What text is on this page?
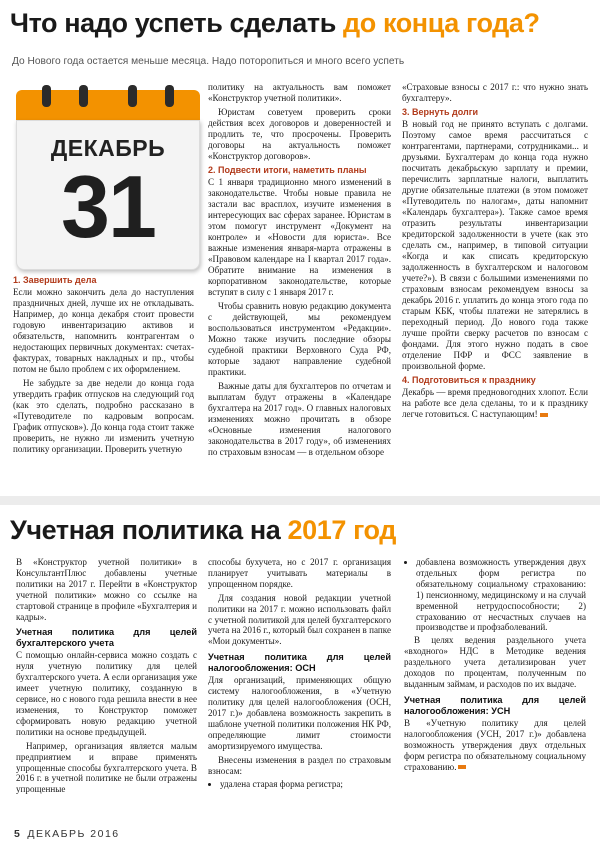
Что надо успеть сделать до конца года?
До Нового года остается меньше месяца. Надо поторопиться и много всего успеть
ДЕКАБРЬ
31
1. Завершить дела

Если можно закончить дела до наступления праздничных дней, лучше их не откладывать. Например, до конца декабря стоит провести годовую инвентаризацию активов и обязательств, напомнить контрагентам о недостающих первичных документах: счетах-фактурах, товарных накладных и пр., чтобы потом не было проблем с их оформлением.

Не забудьте за две недели до конца года утвердить график отпусков на следующий год (как это сделать, подробно рассказано в «Путеводителе по кадровым вопросам. График отпусков»). До конца года стоит также проверить, не нужно ли изменить учетную политику организации. Проверить учетную

политику на актуальность вам поможет «Конструктор учетной политики».

Юристам советуем проверить сроки действия всех договоров и доверенностей и продлить те, что просрочены. Проверить договоры на актуальность поможет «Конструктор договоров».

2. Подвести итоги, наметить планы

С 1 января традиционно много изменений в законодательстве. Чтобы новые правила не застали вас врасплох, изучите изменения в интересующих вас сферах заранее. Юристам в этом помогут инструмент «Документ на контроле» и «Новости для юриста». Все важные изменения января-марта отражены в «Правовом календаре на I квартал 2017 года». Обратите внимание на изменения в корпоративном законодательстве, которые вступят в силу с 1 января 2017 г.

Чтобы сравнить новую редакцию документа с действующей, мы рекомендуем воспользоваться инструментом «Редакции». Можно также изучить последние обзоры судебной практики Верховного Суда РФ, которые задают направление судебной практики.

Важные даты для бухгалтеров по отчетам и выплатам будут отражены в «Календаре бухгалтера на 2017 год». О главных налоговых изменениях можно прочитать в обзоре «Основные изменения налогового законодательства в 2017 году», об изменениях по страховым взносам — в отдельном обзоре

«Страховые взносы с 2017 г.: что нужно знать бухгалтеру».

3. Вернуть долги

В новый год не принято вступать с долгами. Поэтому самое время рассчитаться с контрагентами, партнерами, сотрудниками... и друзьями. Бухгалтерам до конца года нужно посчитать декабрьскую зарплату и премии, перечислить зарплатные налоги, выплатить другие обязательные платежи (в этом поможет «Путеводитель по налогам», даты напомнит «Календарь бухгалтера»). Также самое время отразить результаты инвентаризации кредиторской задолженности в учете (как это сделать см., например, в типовой ситуации «Когда и как списать кредиторскую задолженность в бухгалтерском и налоговом учете?»). В связи с большими изменениями по страховым взносам рекомендуем взносы за декабрь 2016 г. уплатить до конца этого года по старым КБК, чтобы платежи не затерялись в переходный период. До нового года также лучше пройти сверку расчетов по взносам с фондами. Для этого нужно подать в свое отделение ПФР и ФСС заявление в произвольной форме.

4. Подготовиться к празднику

Декабрь — время предновогодних хлопот. Если на работе все дела сделаны, то и к празднику легче готовиться. С наступающим!

Учетная политика на 2017 год

В «Конструктор учетной политики» в КонсультантПлюс добавлены учетные политики на 2017 г. Перейти в «Конструктор учетной политики» можно со ссылке на стартовой странице в профиле «Бухгалтерия и кадры».

Учетная политика для целей бухгалтерского учета

С помощью онлайн-сервиса можно создать с нуля учетную политику для целей бухгалтерского учета. А если организация уже имеет учетную политику, созданную в сервисе, но с нового года решила внести в нее изменения, то Конструктор поможет сформировать новую редакцию учетной политики на основе предыдущей.

Например, организация является малым предприятием и вправе применять упрощенные способы бухгалтерского учета. В 2016 г. в учетной политике не были отражены упрощенные

способы бухучета, но с 2017 г. организация планирует учитывать материалы в упрощенном порядке.

Для создания новой редакции учетной политики на 2017 г. можно использовать файл с учетной политикой для целей бухгалтерского учета на 2016 г., который был сохранен в папке «Мои документы».

Учетная политика для целей налогообложения: ОСН

Для организаций, применяющих общую систему налогообложения, в «Учетную политику для целей налогообложения (ОСН, 2017 г.)» добавлена возможность закрепить в шаблоне учетной политики положения НК РФ, определяющие лимит стоимости амортизируемого имущества.

Внесены изменения в раздел по страховым взносам:

• удалена старая форма регистра;
• добавлена возможность утверждения двух отдельных форм регистра по обязательному социальному страхованию: 1) пенсионному, медицинскому и на случай временной нетрудоспособности; 2) страхованию от несчастных случаев на производстве и профзаболеваний.

В целях ведения раздельного учета «входного» НДС в Методике ведения раздельного учета детализирован учет доходов по процентам, полученным по выданным займам, и расходов по их выдаче.

Учетная политика для целей налогообложения: УСН

В «Учетную политику для целей налогообложения (УСН, 2017 г.)» добавлена возможность утверждения двух отдельных форм регистра по обязательному социальному страхованию.

5 ДЕКАБРЬ 2016
